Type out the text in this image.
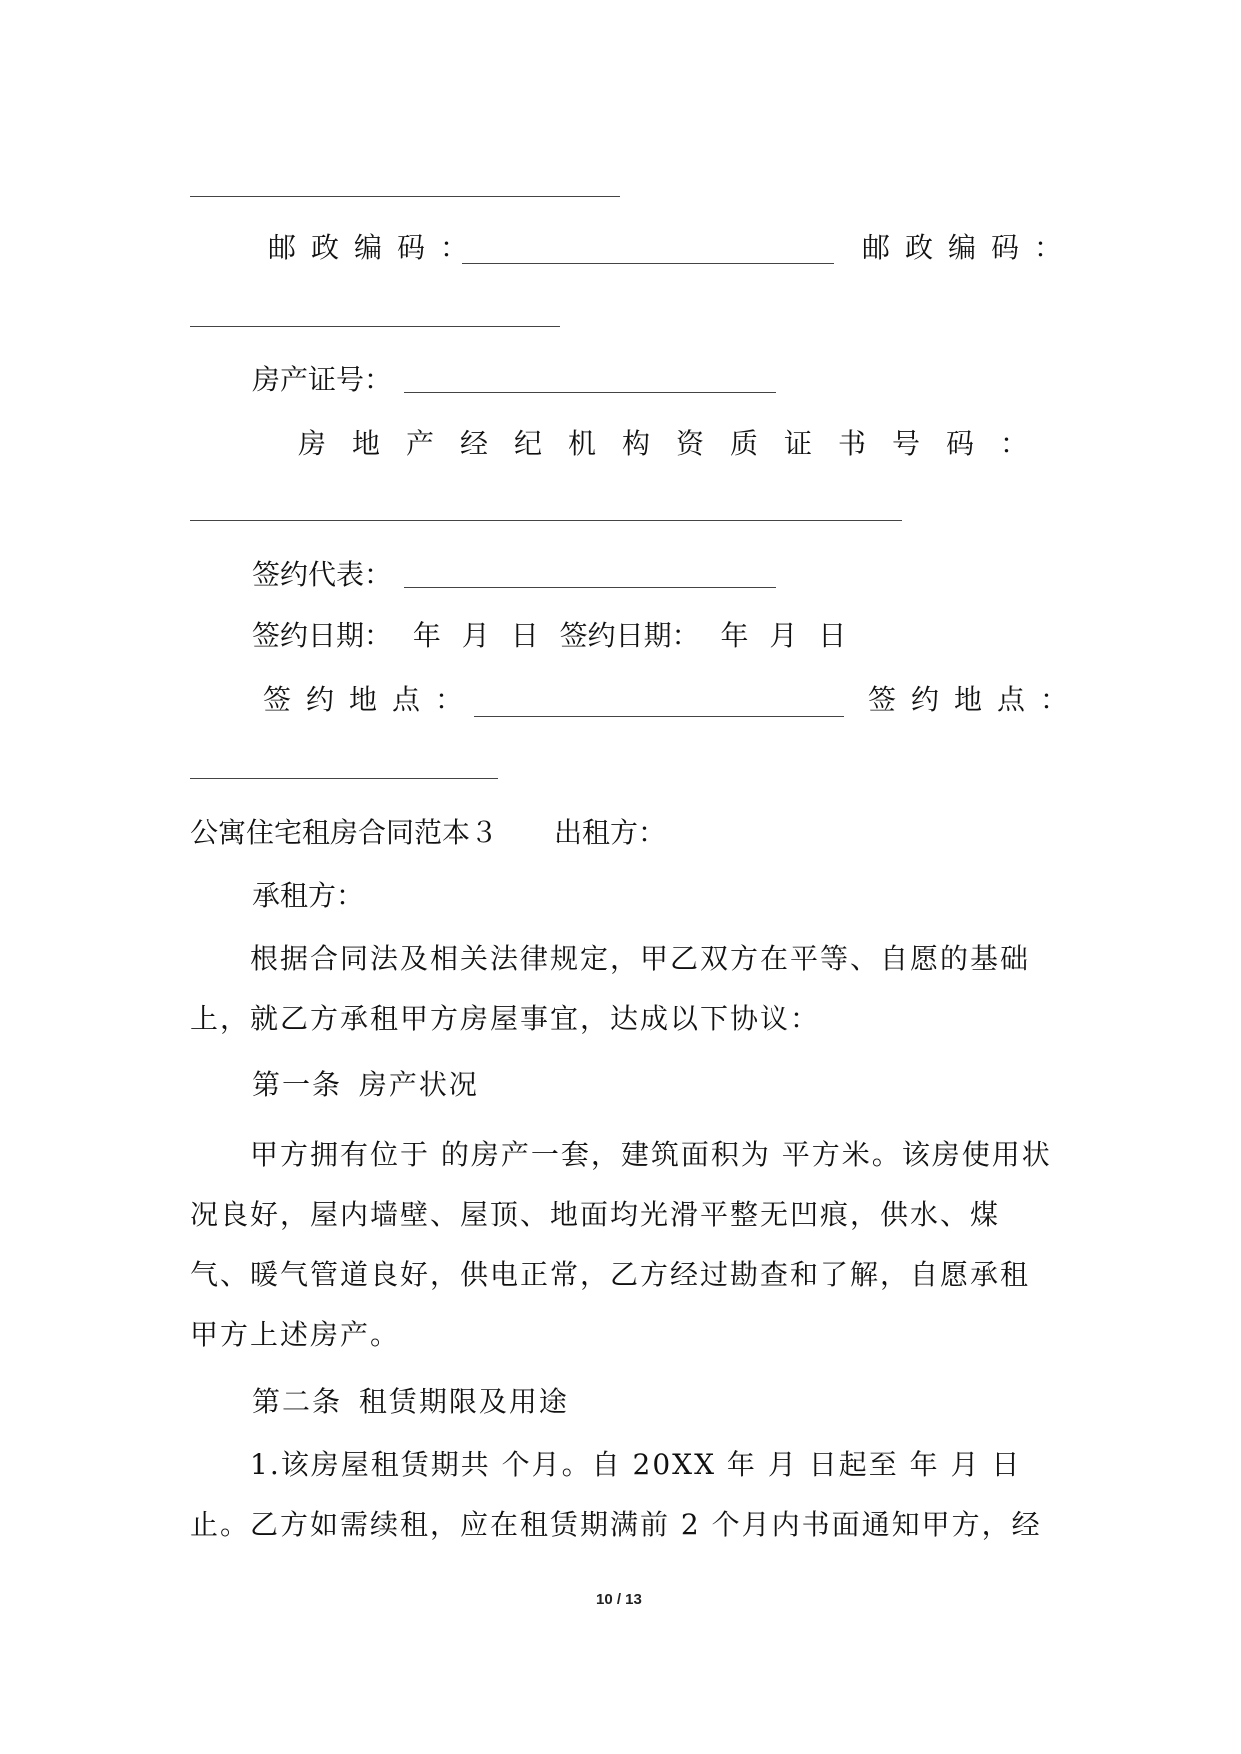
邮政编码：	邮政编码：
房产证号：
房地产经纪机构资质证书号码：
签约代表：
签约日期： 年 月 日 签约日期： 年 月 日
签约地点：	签约地点：
公寓住宅租房合同范本３　　出租方：
承租方：
根据合同法及相关法律规定，甲乙双方在平等、自愿的基础上，就乙方承租甲方房屋事宜，达成以下协议：
第一条 房产状况
甲方拥有位于 的房产一套，建筑面积为 平方米。该房使用状况良好，屋内墙壁、屋顶、地面均光滑平整无凹痕，供水、煤气、暖气管道良好，供电正常，乙方经过勘查和了解，自愿承租甲方上述房产。
第二条 租赁期限及用途
1.该房屋租赁期共 个月。自 20XX 年 月 日起至 年 月 日止。乙方如需续租，应在租赁期满前 2 个月内书面通知甲方，经
10 / 13
